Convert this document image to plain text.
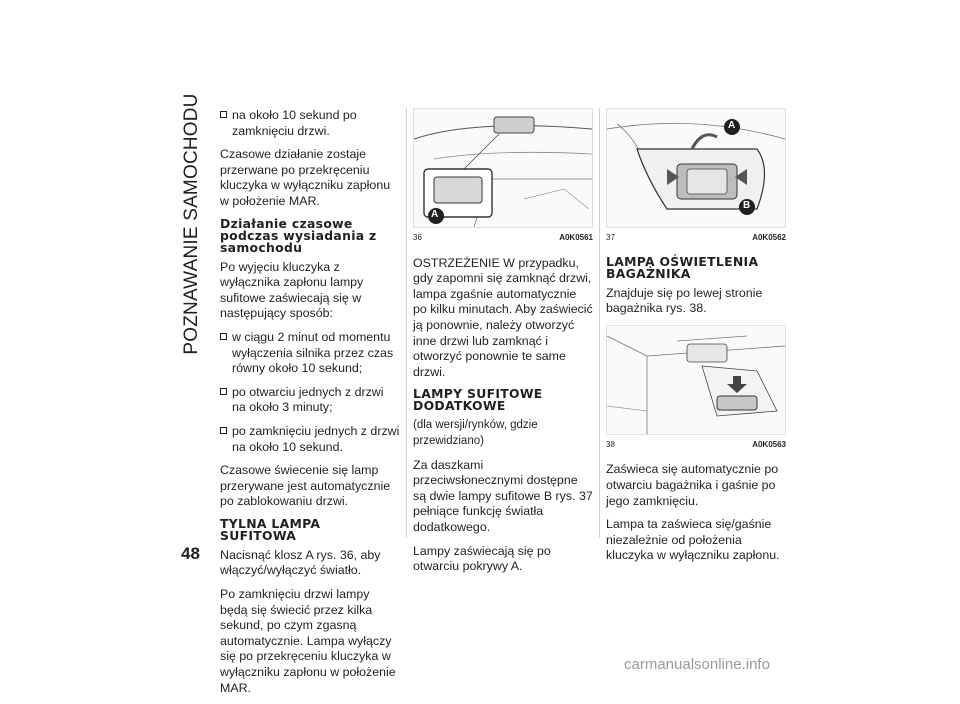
POZNAWANIE SAMOCHODU na około 10 sekund po zamknięciu drzwi.

Czasowe działanie zostaje przerwane po przekręceniu kluczyka w wyłączniku zapłonu w położenie MAR.

Działanie czasowe podczas wysiadania z samochodu

Po wyjęciu kluczyka z wyłącznika zapłonu lampy sufitowe zaświecają się w następujący sposób:

w ciągu 2 minut od momentu wyłączenia silnika przez czas równy około 10 sekund;
po otwarciu jednych z drzwi na około 3 minuty;
po zamknięciu jednych z drzwi na około 10 sekund.

Czasowe świecenie się lamp przerywane jest automatycznie po zablokowaniu drzwi.

TYLNA LAMPA SUFITOWA

Nacisnąć klosz A rys. 36, aby włączyć/wyłączyć światło.

Po zamknięciu drzwi lampy będą się świecić przez kilka sekund, po czym zgasną automatycznie. Lampa wyłączy się po przekręceniu kluczyka w wyłączniku zapłonu w położenie MAR.

A
36	A0K0561

OSTRZEŻENIE W przypadku, gdy zapomni się zamknąć drzwi, lampa zgaśnie automatycznie po kilku minutach. Aby zaświecić ją ponownie, należy otworzyć inne drzwi lub zamknąć i otworzyć ponownie te same drzwi.

LAMPY SUFITOWE DODATKOWE

(dla wersji/rynków, gdzie przewidziano)

Za daszkami przeciwsłonecznymi dostępne są dwie lampy sufitowe B rys. 37 pełniące funkcję światła dodatkowego.

Lampy zaświecają się po otwarciu pokrywy A.

A
B
37	A0K0562
LAMPA OŚWIETLENIA BAGAŻNIKA

Znajduje się po lewej stronie bagażnika rys. 38.

38	A0K0563

Zaświeca się automatycznie po otwarciu bagażnika i gaśnie po jego zamknięciu.

Lampa ta zaświeca się/gaśnie niezależnie od położenia kluczyka w wyłączniku zapłonu.

48
carmanualsonline.info
